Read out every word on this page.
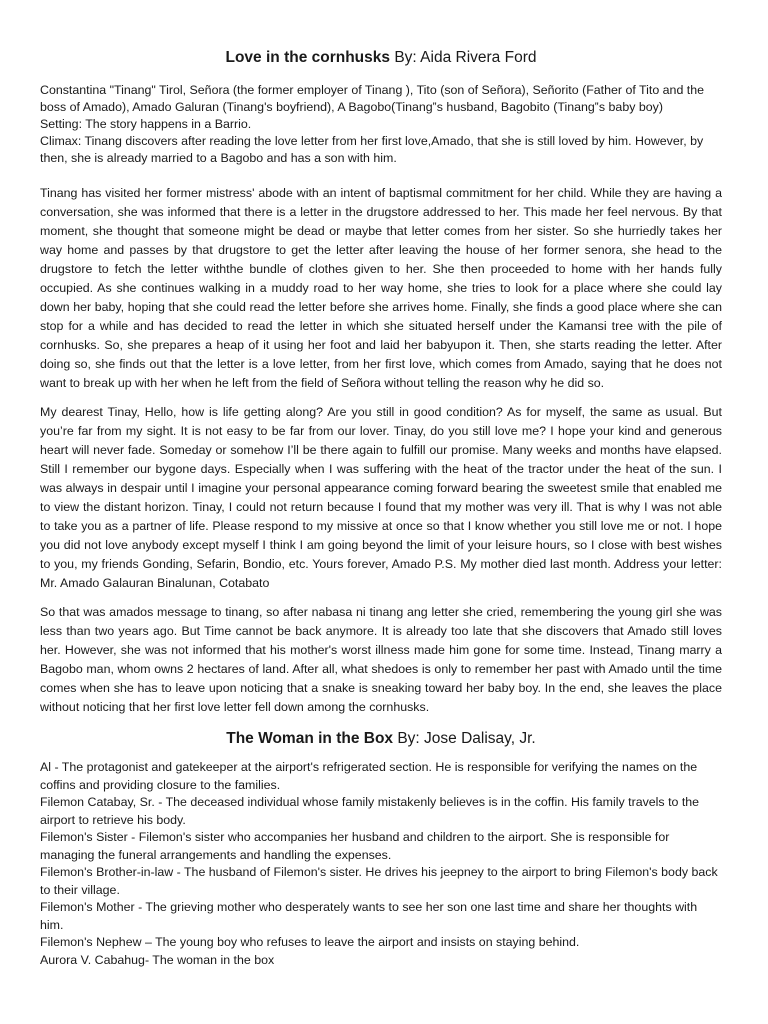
Love in the cornhusks By: Aida Rivera Ford

Constantina "Tinang" Tirol, Señora (the former employer of Tinang ), Tito (son of Señora), Señorito (Father of Tito and the boss of Amado), Amado Galuran (Tinang's boyfriend), A Bagobo(Tinang‟s husband, Bagobito (Tinang‟s baby boy)

Setting: The story happens in a Barrio.

Climax: Tinang discovers after reading the love letter from her first love,Amado, that she is still loved by him. However, by then, she is already married to a Bagobo and has a son with him.

Tinang has visited her former mistress' abode with an intent of baptismal commitment for her child. While they are having a conversation, she was informed that there is a letter in the drugstore addressed to her. This made her feel nervous. By that moment, she thought that someone might be dead or maybe that letter comes from her sister. So she hurriedly takes her way home and passes by that drugstore to get the letter after leaving the house of her former senora, she head to the drugstore to fetch the letter withthe bundle of clothes given to her. She then proceeded to home with her hands fully occupied. As she continues walking in a muddy road to her way home, she tries to look for a place where she could lay down her baby, hoping that she could read the letter before she arrives home. Finally, she finds a good place where she can stop for a while and has decided to read the letter in which she situated herself under the Kamansi tree with the pile of cornhusks. So, she prepares a heap of it using her foot and laid her babyupon it. Then, she starts reading the letter. After doing so, she finds out that the letter is a love letter, from her first love, which comes from Amado, saying that he does not want to break up with her when he left from the field of Señora without telling the reason why he did so.

My dearest Tinay, Hello, how is life getting along? Are you still in good condition? As for myself, the same as usual. But you’re far from my sight. It is not easy to be far from our lover. Tinay, do you still love me? I hope your kind and generous heart will never fade. Someday or somehow I’ll be there again to fulfill our promise. Many weeks and months have elapsed. Still I remember our bygone days. Especially when I was suffering with the heat of the tractor under the heat of the sun. I was always in despair until I imagine your personal appearance coming forward bearing the sweetest smile that enabled me to view the distant horizon. Tinay, I could not return because I found that my mother was very ill. That is why I was not able to take you as a partner of life. Please respond to my missive at once so that I know whether you still love me or not. I hope you did not love anybody except myself I think I am going beyond the limit of your leisure hours, so I close with best wishes to you, my friends Gonding, Sefarin, Bondio, etc. Yours forever, Amado P.S. My mother died last month. Address your letter: Mr. Amado Galauran Binalunan, Cotabato

So that was amados message to tinang, so after nabasa ni tinang ang letter she cried, remembering the young girl she was less than two years ago. But Time cannot be back anymore. It is already too late that she discovers that Amado still loves her. However, she was not informed that his mother's worst illness made him gone for some time. Instead, Tinang marry a Bagobo man, whom owns 2 hectares of land. After all, what shedoes is only to remember her past with Amado until the time comes when she has to leave upon noticing that a snake is sneaking toward her baby boy. In the end, she leaves the place without noticing that her first love letter fell down among the cornhusks.

The Woman in the Box By: Jose Dalisay, Jr.

Al - The protagonist and gatekeeper at the airport's refrigerated section. He is responsible for verifying the names on the coffins and providing closure to the families.

Filemon Catabay, Sr. - The deceased individual whose family mistakenly believes is in the coffin. His family travels to the airport to retrieve his body.

Filemon's Sister - Filemon's sister who accompanies her husband and children to the airport. She is responsible for managing the funeral arrangements and handling the expenses.

Filemon's Brother-in-law - The husband of Filemon's sister. He drives his jeepney to the airport to bring Filemon's body back to their village.

Filemon's Mother - The grieving mother who desperately wants to see her son one last time and share her thoughts with him.

Filemon's Nephew – The young boy who refuses to leave the airport and insists on staying behind.

Aurora V. Cabahug- The woman in the box
